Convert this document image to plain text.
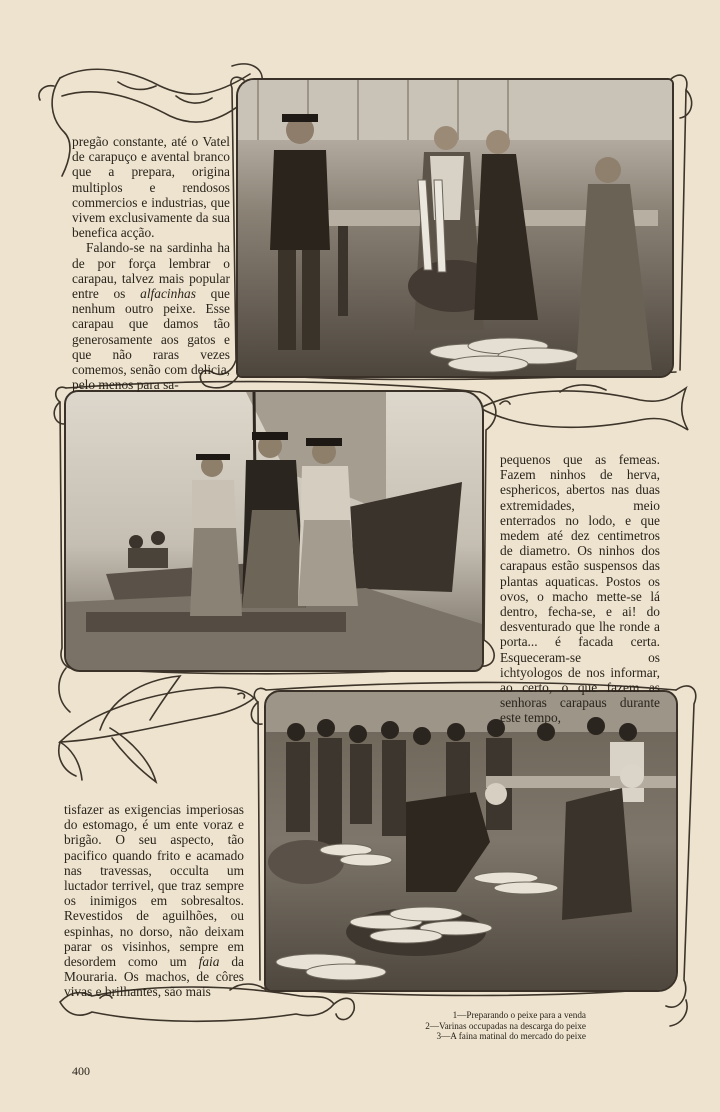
pregão constante, até o Vatel de carapuço e avental branco que a prepara, origina multiplos e rendosos commercios e industrias, que vivem exclusivamente da sua benefica acção.

Falando-se na sardinha ha de por força lembrar o carapau, talvez mais popular entre os alfacinhas que nenhum outro peixe. Esse carapau que damos tão generosamente aos gatos e que não raras vezes comemos, senão com delicia, pelo menos para sa-

pequenos que as femeas. Fazem ninhos de herva, esphericos, abertos nas duas extremidades, meio enterrados no lodo, e que medem até dez centimetros de diametro. Os ninhos dos carapaus estão suspensos das plantas aquaticas. Postos os ovos, o macho mette-se lá dentro, fecha-se, e ai! do desventurado que lhe ronde a porta... é facada certa. Esqueceram-se os ichtyologos de nos informar, ao certo, o que fazem as senhoras carapaus durante este tempo,

tisfazer as exigencias imperiosas do estomago, é um ente voraz e brigão. O seu aspecto, tão pacifico quando frito e acamado nas travessas, occulta um luctador terrivel, que traz sempre os inimigos em sobresaltos. Revestidos de aguilhões, ou espinhas, no dorso, não deixam parar os visinhos, sempre em desordem como um faia da Mouraria. Os machos, de côres vivas e brilhantes, são mais

1—Preparando o peixe para a venda
2—Varinas occupadas na descarga do peixe
3—A faina matinal do mercado do peixe
400
